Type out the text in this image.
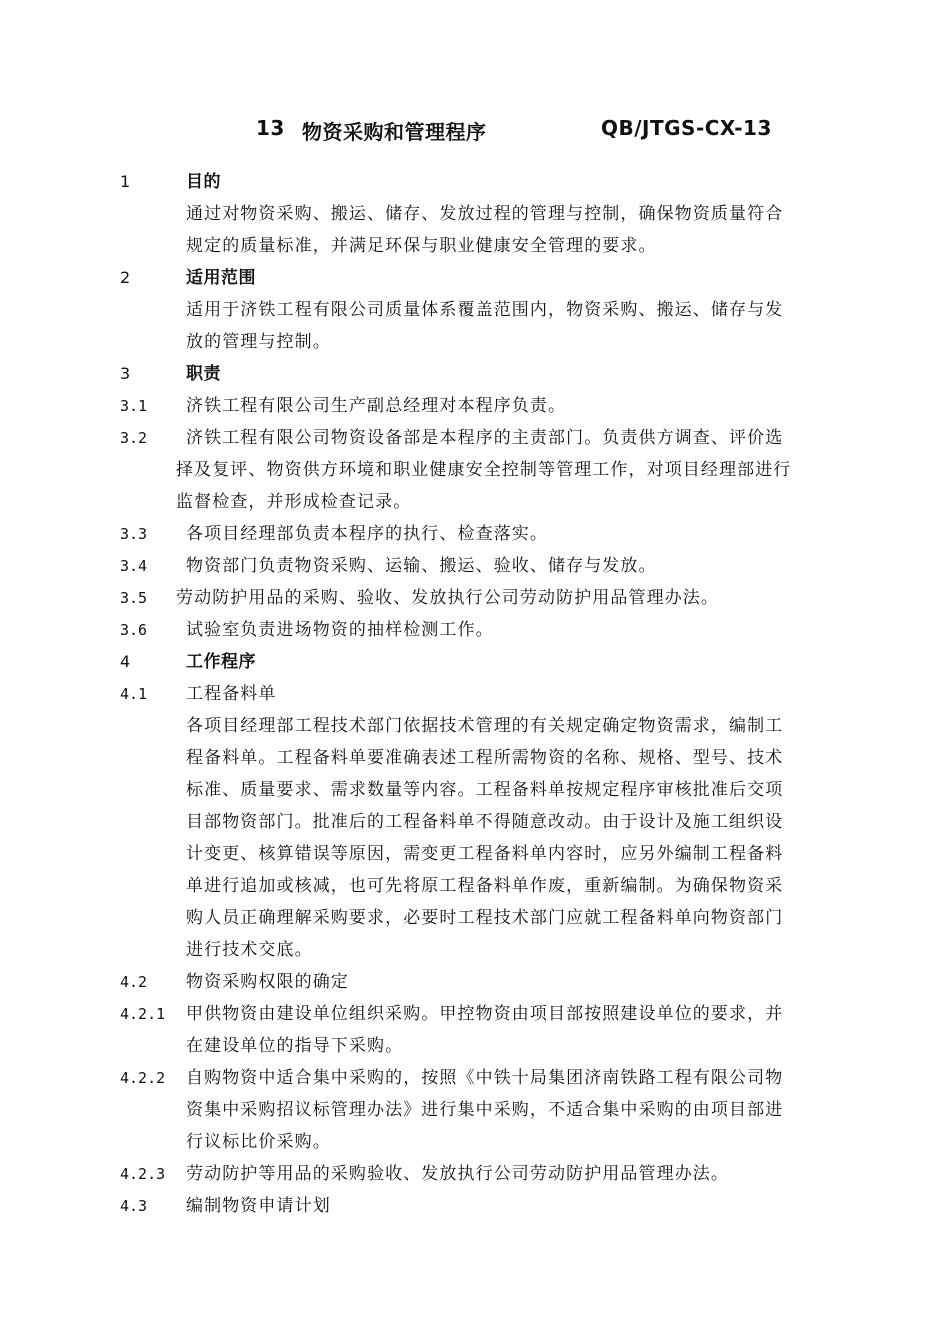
13 物资采购和管理程序	QB/JTGS-CX-13
1	目的
通过对物资采购、搬运、储存、发放过程的管理与控制，确保物资质量符合
规定的质量标准，并满足环保与职业健康安全管理的要求。
2	适用范围
适用于济铁工程有限公司质量体系覆盖范围内，物资采购、搬运、储存与发
放的管理与控制。
3	职责
3.1 济铁工程有限公司生产副总经理对本程序负责。
3.2 济铁工程有限公司物资设备部是本程序的主责部门。负责供方调查、评价选
择及复评、物资供方环境和职业健康安全控制等管理工作，对项目经理部进行
监督检查，并形成检查记录。
3.3 各项目经理部负责本程序的执行、检查落实。
3.4 物资部门负责物资采购、运输、搬运、验收、储存与发放。
3.5 劳动防护用品的采购、验收、发放执行公司劳动防护用品管理办法。
3.6 试验室负责进场物资的抽样检测工作。
4	工作程序
4.1 工程备料单
各项目经理部工程技术部门依据技术管理的有关规定确定物资需求，编制工
程备料单。工程备料单要准确表述工程所需物资的名称、规格、型号、技术
标准、质量要求、需求数量等内容。工程备料单按规定程序审核批准后交项
目部物资部门。批准后的工程备料单不得随意改动。由于设计及施工组织设
计变更、核算错误等原因，需变更工程备料单内容时，应另外编制工程备料
单进行追加或核减，也可先将原工程备料单作废，重新编制。为确保物资采
购人员正确理解采购要求，必要时工程技术部门应就工程备料单向物资部门
进行技术交底。
4.2 物资采购权限的确定
4.2.1 甲供物资由建设单位组织采购。甲控物资由项目部按照建设单位的要求，并
在建设单位的指导下采购。
4.2.2 自购物资中适合集中采购的，按照《中铁十局集团济南铁路工程有限公司物
资集中采购招议标管理办法》进行集中采购，不适合集中采购的由项目部进
行议标比价采购。
4.2.3 劳动防护等用品的采购验收、发放执行公司劳动防护用品管理办法。
4.3 编制物资申请计划
